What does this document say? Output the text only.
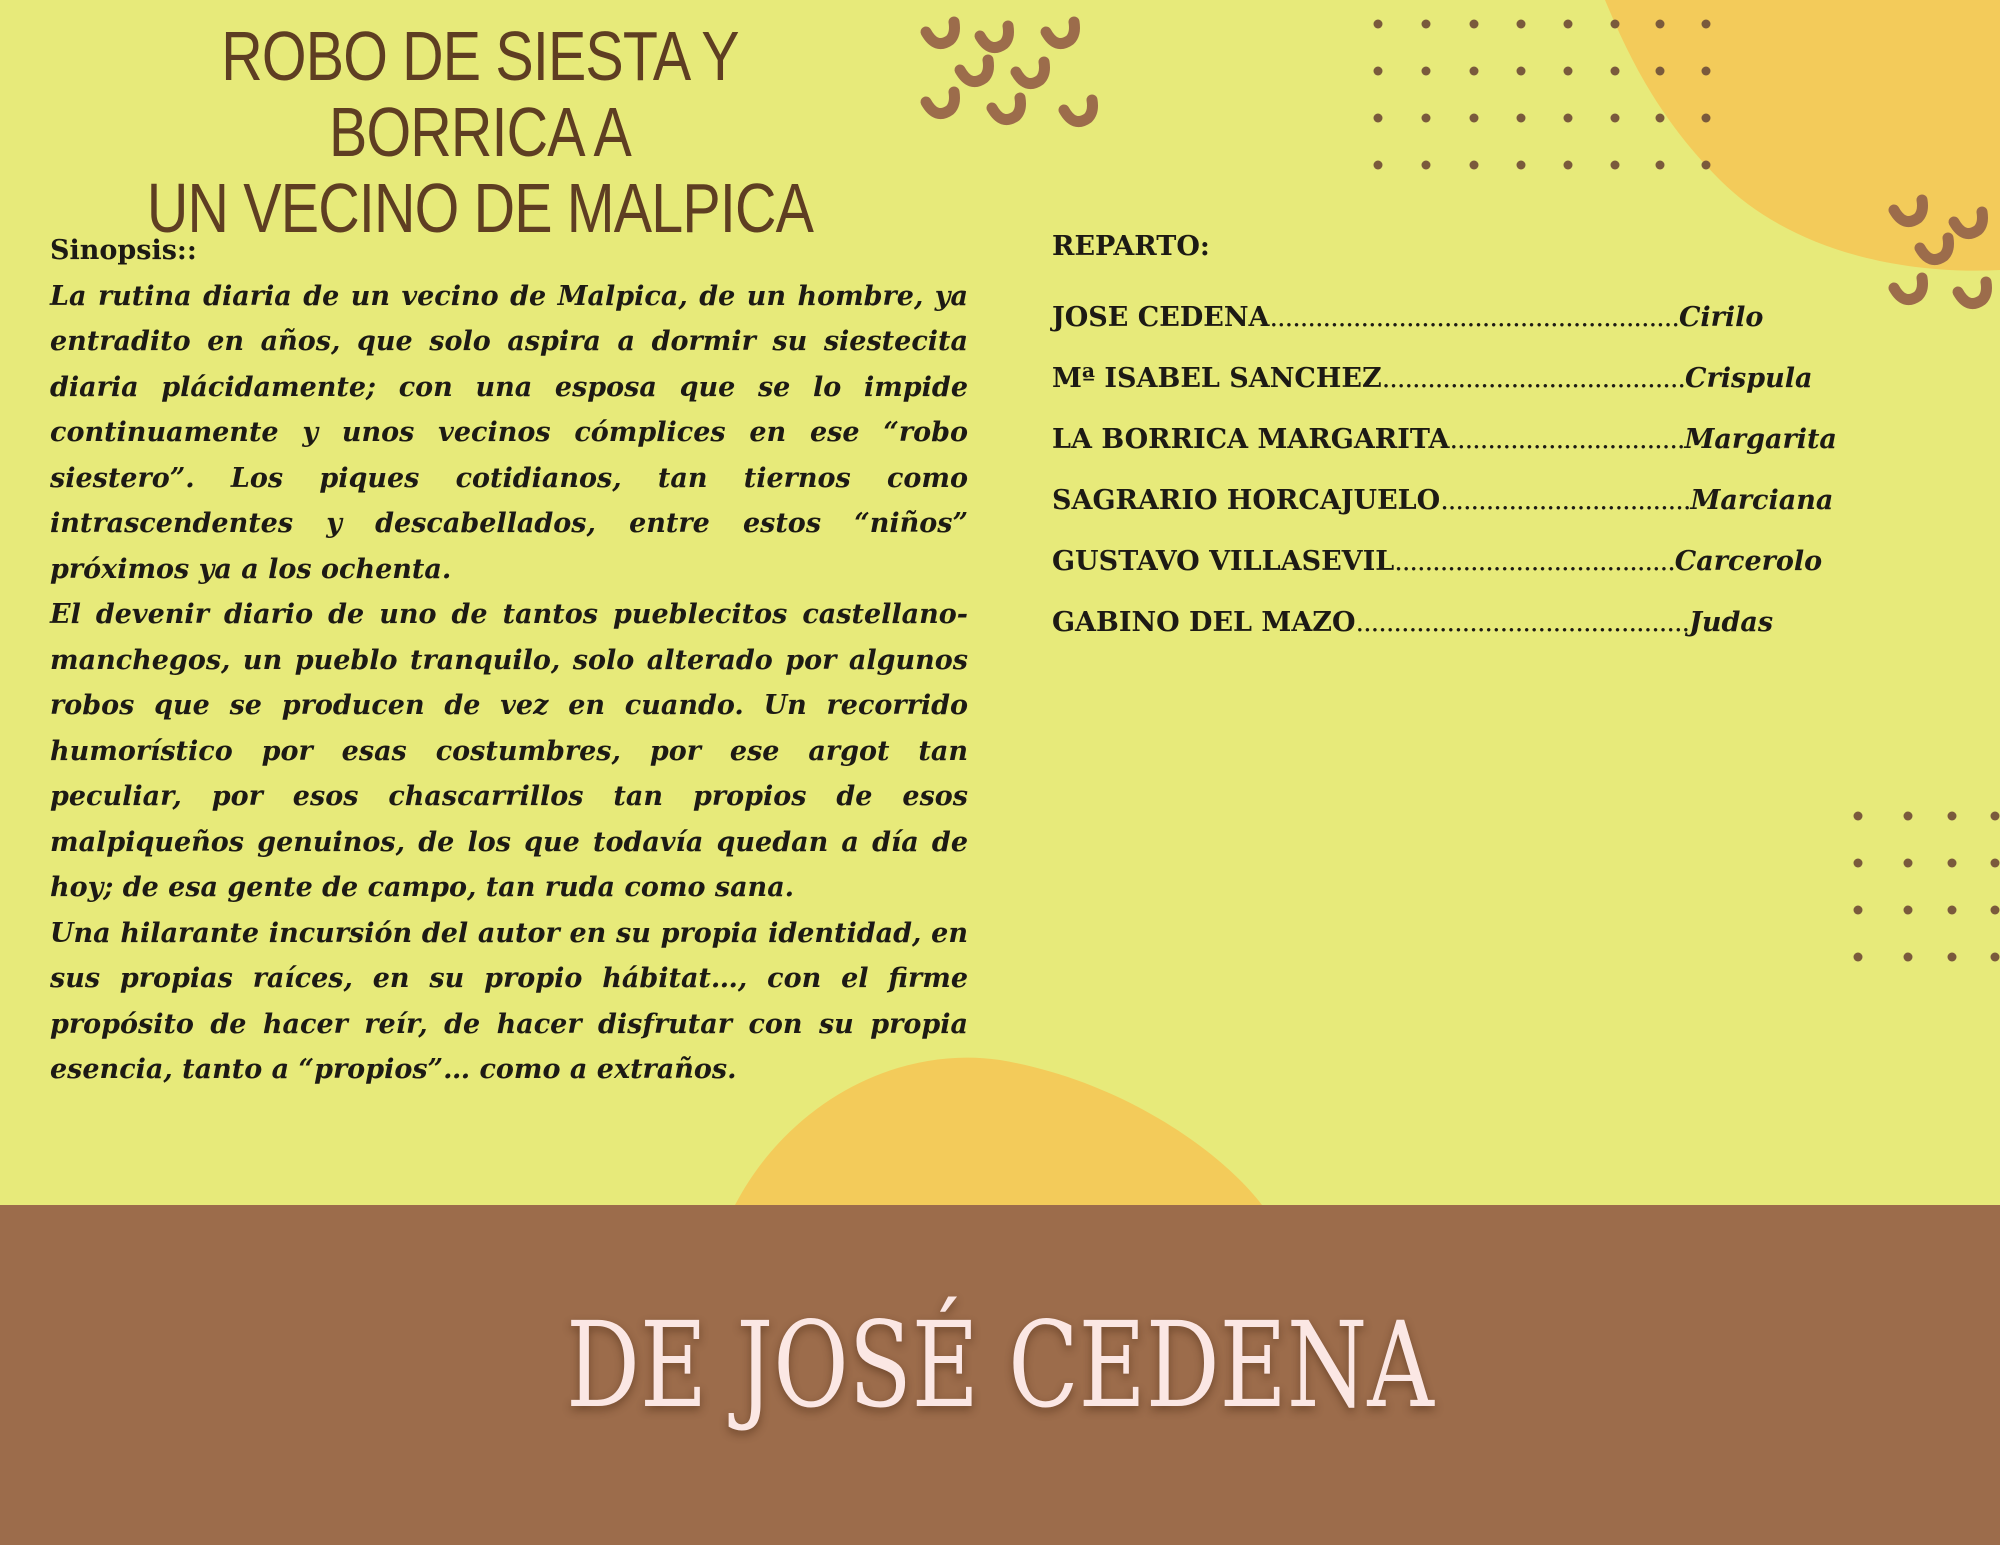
ROBO DE SIESTA Y BORRICA A
UN VECINO DE MALPICA
Sinopsis::

La rutina diaria de un vecino de Malpica, de un hombre, ya entradito en años, que solo aspira a dormir su siestecita diaria plácidamente; con una esposa que se lo impide continuamente y unos vecinos cómplices en ese “robo siestero”. Los piques cotidianos, tan tiernos como intrascendentes y descabellados, entre estos “niños” próximos ya a los ochenta.

El devenir diario de uno de tantos pueblecitos castellano-manchegos, un pueblo tranquilo, solo alterado por algunos robos que se producen de vez en cuando. Un recorrido humorístico por esas costumbres, por ese argot tan peculiar, por esos chascarrillos tan propios de esos malpiqueños genuinos, de los que todavía quedan a día de hoy; de esa gente de campo, tan ruda como sana.

Una hilarante incursión del autor en su propia identidad, en sus propias raíces, en su propio hábitat…, con el firme propósito de hacer reír, de hacer disfrutar con su propia esencia, tanto a “propios”… como a extraños.

REPARTO:
JOSE CEDENA ...................................................... Cirilo
Mª ISABEL SANCHEZ ........................................ Crispula
LA BORRICA MARGARITA ............................... Margarita
SAGRARIO HORCAJUELO ................................. Marciana
GUSTAVO VILLASEVIL ..................................... Carcerolo
GABINO DEL MAZO ............................................ Judas
DE JOSÉ CEDENA
